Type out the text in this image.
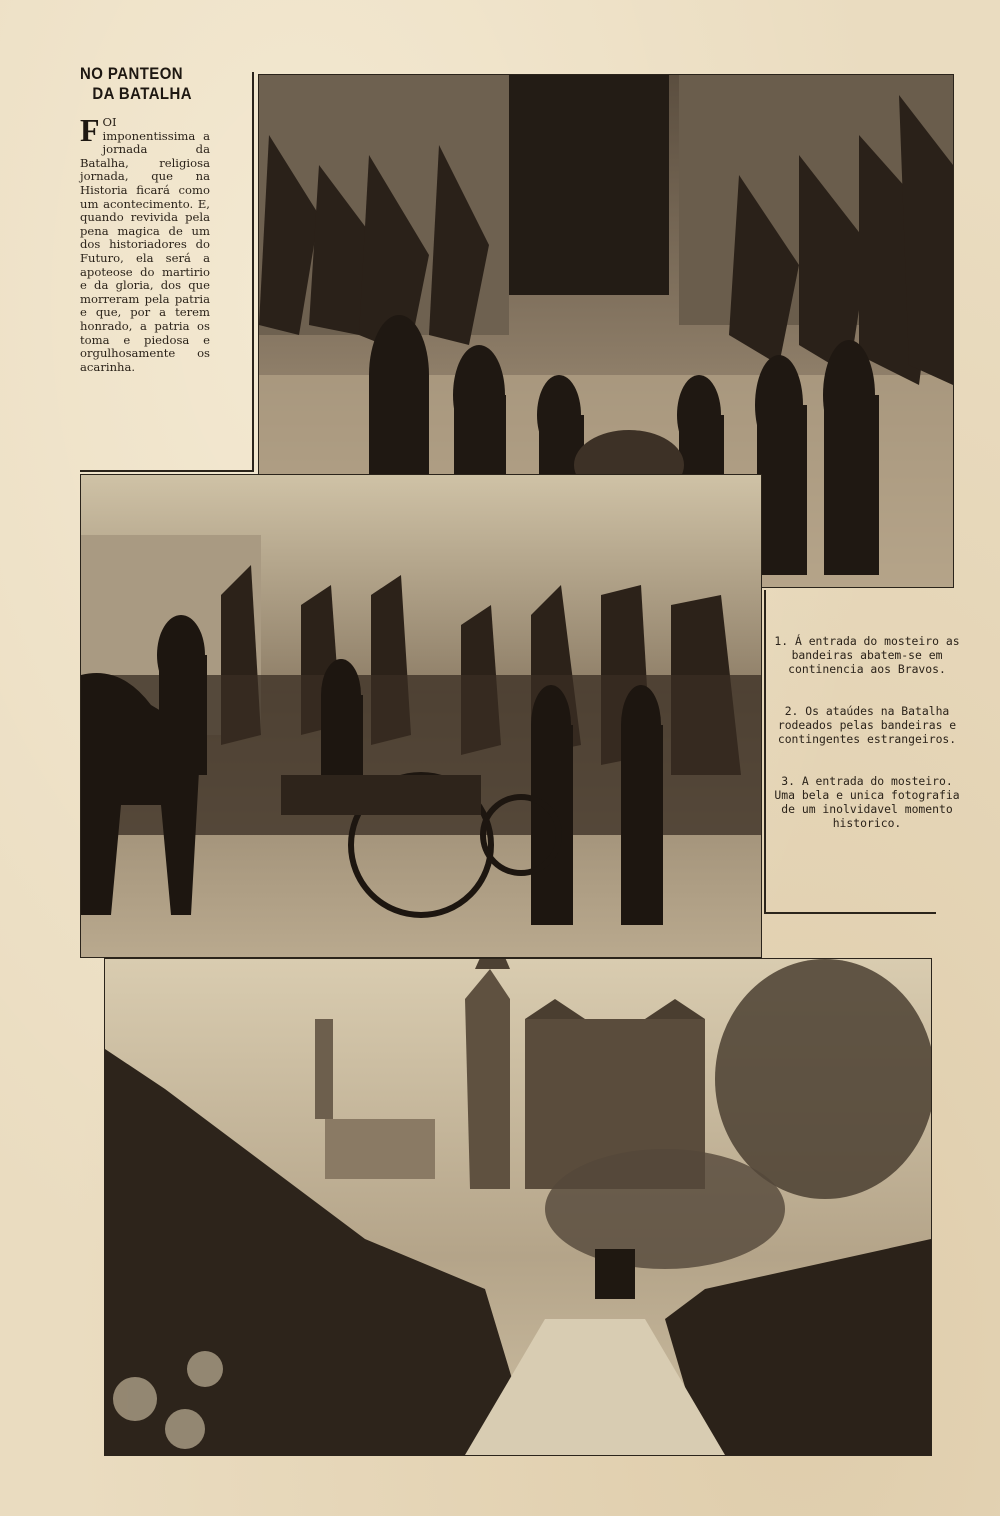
NO PANTEON
DA BATALHA
FOI imponentissima a jornada da Batalha, religiosa jornada, que na Historia ficará como um acontecimento. E, quando revivida pela pena magica de um dos historiadores do Futuro, ela será a apoteose do martirio e da gloria, dos que morreram pela patria e que, por a terem honrado, a patria os toma e piedosa e orgulhosamente os acarinha.

1. Á entrada do mosteiro as bandeiras abatem-se em continencia aos Bravos.

2. Os ataúdes na Batalha rodeados pelas bandeiras e contingentes estrangeiros.

3. A entrada do mosteiro. Uma bela e unica fotografia de um inolvidavel momento historico.
